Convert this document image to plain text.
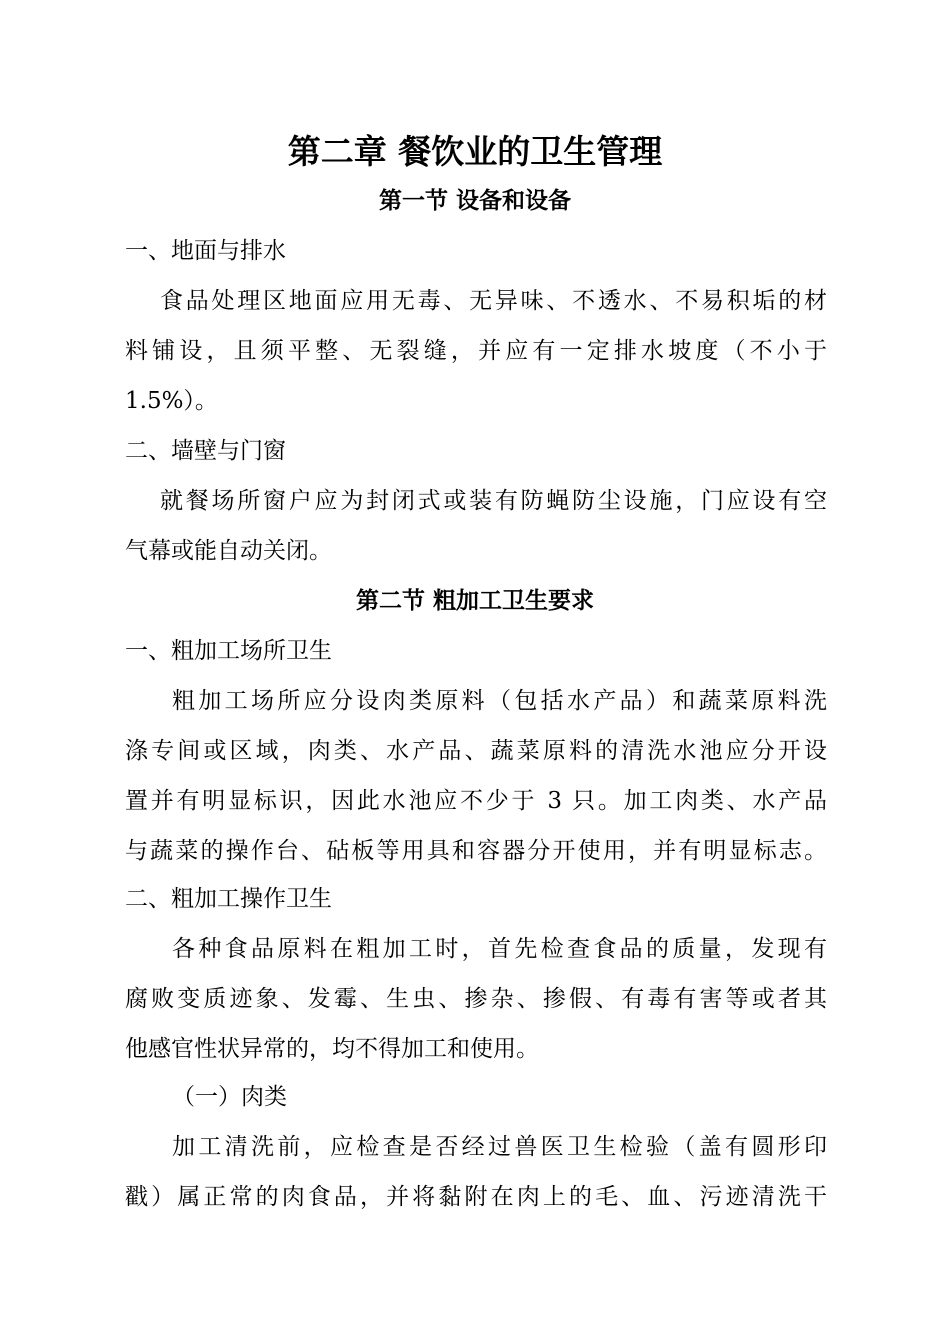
第二章 餐饮业的卫生管理
第一节 设备和设备
一、地面与排水
食品处理区地面应用无毒、无异味、不透水、不易积垢的材
料铺设，且须平整、无裂缝，并应有一定排水坡度（不小于
1.5%）。
二、墙壁与门窗
就餐场所窗户应为封闭式或装有防蝇防尘设施，门应设有空
气幕或能自动关闭。
第二节 粗加工卫生要求
一、粗加工场所卫生
粗加工场所应分设肉类原料（包括水产品）和蔬菜原料洗
涤专间或区域，肉类、水产品、蔬菜原料的清洗水池应分开设
置并有明显标识，因此水池应不少于 3 只。加工肉类、水产品
与蔬菜的操作台、砧板等用具和容器分开使用，并有明显标志。
二、粗加工操作卫生
各种食品原料在粗加工时，首先检查食品的质量，发现有
腐败变质迹象、发霉、生虫、掺杂、掺假、有毒有害等或者其
他感官性状异常的，均不得加工和使用。
（一）肉类
加工清洗前，应检查是否经过兽医卫生检验（盖有圆形印
戳）属正常的肉食品，并将黏附在肉上的毛、血、污迹清洗干
